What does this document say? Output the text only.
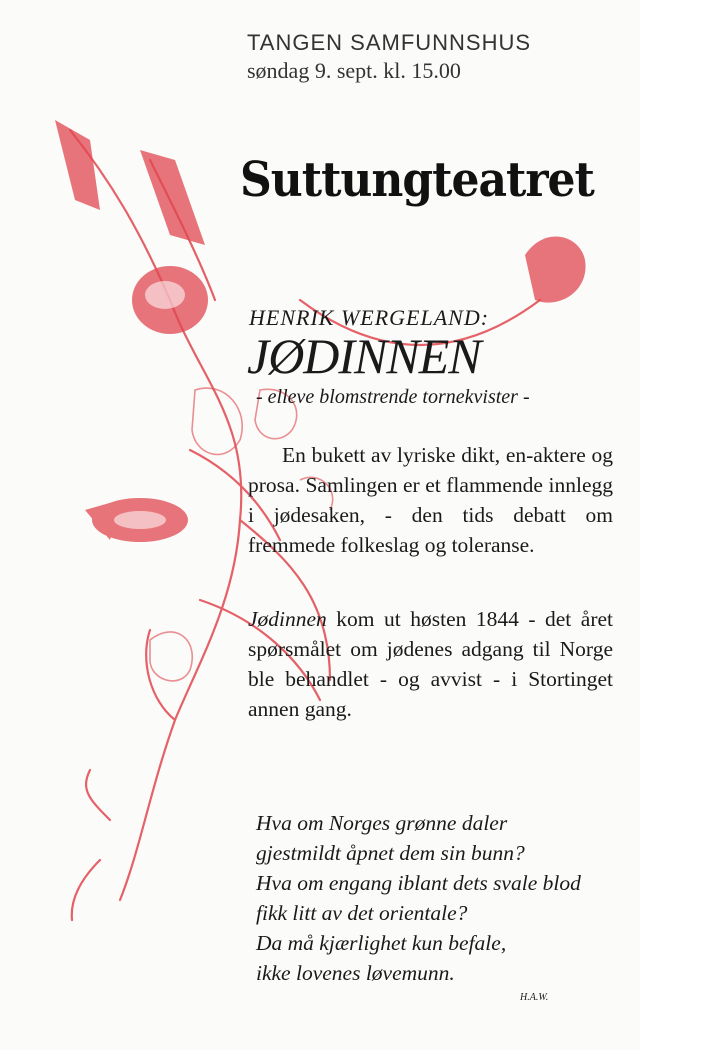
TANGEN SAMFUNNSHUS
søndag 9. sept. kl. 15.00
Suttungteatret
HENRIK WERGELAND:
JØDINNEN
- elleve blomstrende tornekvister -
En bukett av lyriske dikt, en-aktere og prosa. Samlingen er et flammende innlegg i jødesaken, - den tids debatt om fremmede folkeslag og toleranse.
Jødinnen kom ut høsten 1844 - det året spørsmålet om jødenes adgang til Norge ble behandlet - og avvist - i Stortinget annen gang.
Hva om Norges grønne daler
gjestmildt åpnet dem sin bunn?
Hva om engang iblant dets svale blod
fikk litt av det orientale?
Da må kjærlighet kun befale,
ikke lovenes løvemunn.
H.A.W.
